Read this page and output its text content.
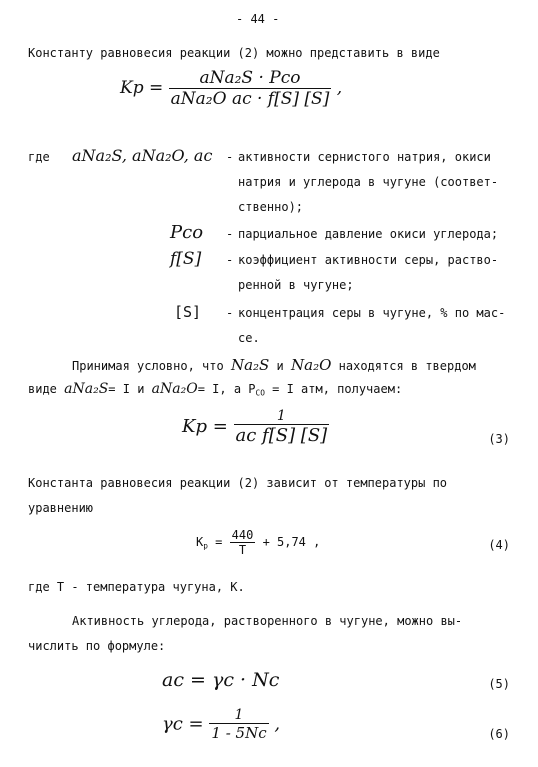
- 44 -
Константу равновесия реакции (2) можно представить в виде
$Kp = \frac{\text{aNa₂S · Pco}}{\text{aNa₂O ac · f[S] [S]}}$ ,
где aNa₂S, aNa₂O, ac - активности сернистого натрия, окиси
натрия и углерода в чугуне (соответ-
ственно);
Pco - парциальное давление окиси углерода;
f[S] - коэффициент активности серы, раство-
ренной в чугуне;
[S] - концентрация серы в чугуне, % по мас-
се.
Принимая условно, что Na₂S и Na₂O находятся в твердом
виде aNa₂S= I и aNa₂O= I, а $P_{CO} = I$ атм, получаем:
$Kp = \frac{1}{\text{ac f[S] [S]}}$	(3)
Константа равновесия реакции (2) зависит от температуры по
уравнению
$K_p = \frac{440}{T} + 5,74$ ,	(4)
где T - температура чугуна, K.
Активность углерода, растворенного в чугуне, можно вы-
числить по формуле:
ac = γc · Nc	(5)
$\gamma c = \frac{1}{1 - 5Nc}$ ,	(6)
